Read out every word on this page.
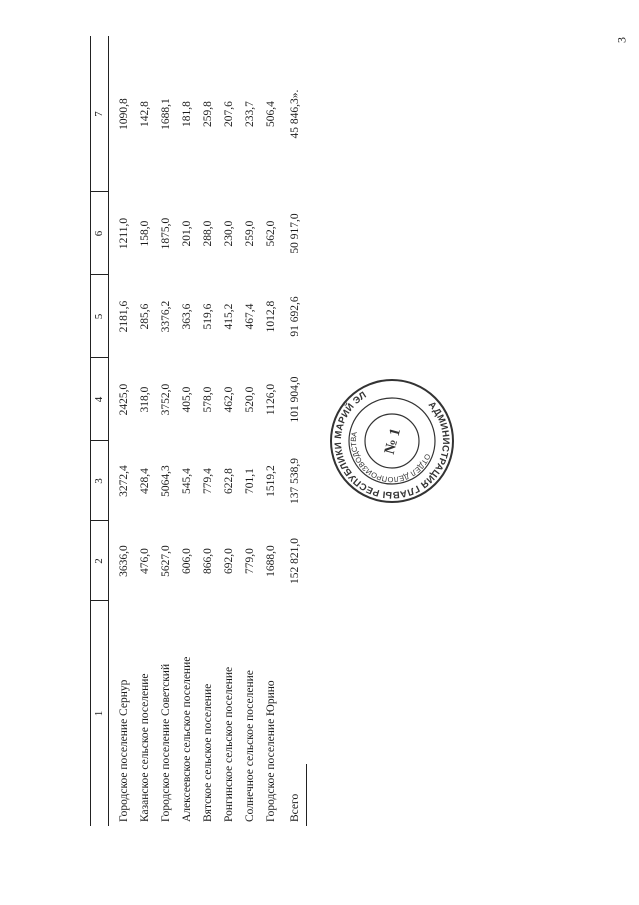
3
1
2
3
4
5
6
7
Городское поселение Сернур
3636,0
3272,4
2425,0
2181,6
1211,0
1090,8
Казанское сельское поселение
476,0
428,4
318,0
285,6
158,0
142,8
Городское поселение Советский
5627,0
5064,3
3752,0
3376,2
1875,0
1688,1
Алексеевское сельское поселение
606,0
545,4
405,0
363,6
201,0
181,8
Вятское сельское поселение
866,0
779,4
578,0
519,6
288,0
259,8
Ронгинское сельское поселение
692,0
622,8
462,0
415,2
230,0
207,6
Солнечное сельское поселение
779,0
701,1
520,0
467,4
259,0
233,7
Городское поселение Юрино
1688,0
1519,2
1126,0
1012,8
562,0
506,4
Всего
152 821,0
137 538,9
101 904,0
91 692,6
50 917,0
45 846,3».
АДМИНИСТРАЦИЯ ГЛАВЫ РЕСПУБЛИКИ МАРИЙ ЭЛ
ОТДЕЛ ДЕЛОПРОИЗВОДСТВА	№ 1
